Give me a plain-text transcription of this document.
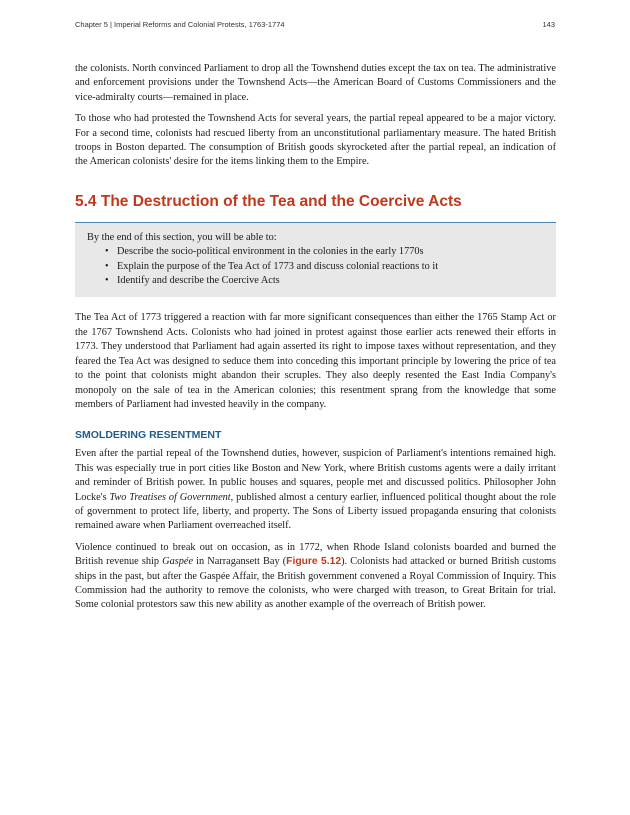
Chapter 5 | Imperial Reforms and Colonial Protests, 1763-1774	143

the colonists. North convinced Parliament to drop all the Townshend duties except the tax on tea. The administrative and enforcement provisions under the Townshend Acts—the American Board of Customs Commissioners and the vice-admiralty courts—remained in place.

To those who had protested the Townshend Acts for several years, the partial repeal appeared to be a major victory. For a second time, colonists had rescued liberty from an unconstitutional parliamentary measure. The hated British troops in Boston departed. The consumption of British goods skyrocketed after the partial repeal, an indication of the American colonists' desire for the items linking them to the Empire.

5.4 The Destruction of the Tea and the Coercive Acts

By the end of this section, you will be able to:

• Describe the socio-political environment in the colonies in the early 1770s
• Explain the purpose of the Tea Act of 1773 and discuss colonial reactions to it
• Identify and describe the Coercive Acts

The Tea Act of 1773 triggered a reaction with far more significant consequences than either the 1765 Stamp Act or the 1767 Townshend Acts. Colonists who had joined in protest against those earlier acts renewed their efforts in 1773. They understood that Parliament had again asserted its right to impose taxes without representation, and they feared the Tea Act was designed to seduce them into conceding this important principle by lowering the price of tea to the point that colonists might abandon their scruples. They also deeply resented the East India Company's monopoly on the sale of tea in the American colonies; this resentment sprang from the knowledge that some members of Parliament had invested heavily in the company.

SMOLDERING RESENTMENT

Even after the partial repeal of the Townshend duties, however, suspicion of Parliament's intentions remained high. This was especially true in port cities like Boston and New York, where British customs agents were a daily irritant and reminder of British power. In public houses and squares, people met and discussed politics. Philosopher John Locke's Two Treatises of Government, published almost a century earlier, influenced political thought about the role of government to protect life, liberty, and property. The Sons of Liberty issued propaganda ensuring that colonists remained aware when Parliament overreached itself.

Violence continued to break out on occasion, as in 1772, when Rhode Island colonists boarded and burned the British revenue ship Gaspée in Narragansett Bay (Figure 5.12). Colonists had attacked or burned British customs ships in the past, but after the Gaspée Affair, the British government convened a Royal Commission of Inquiry. This Commission had the authority to remove the colonists, who were charged with treason, to Great Britain for trial. Some colonial protestors saw this new ability as another example of the overreach of British power.
